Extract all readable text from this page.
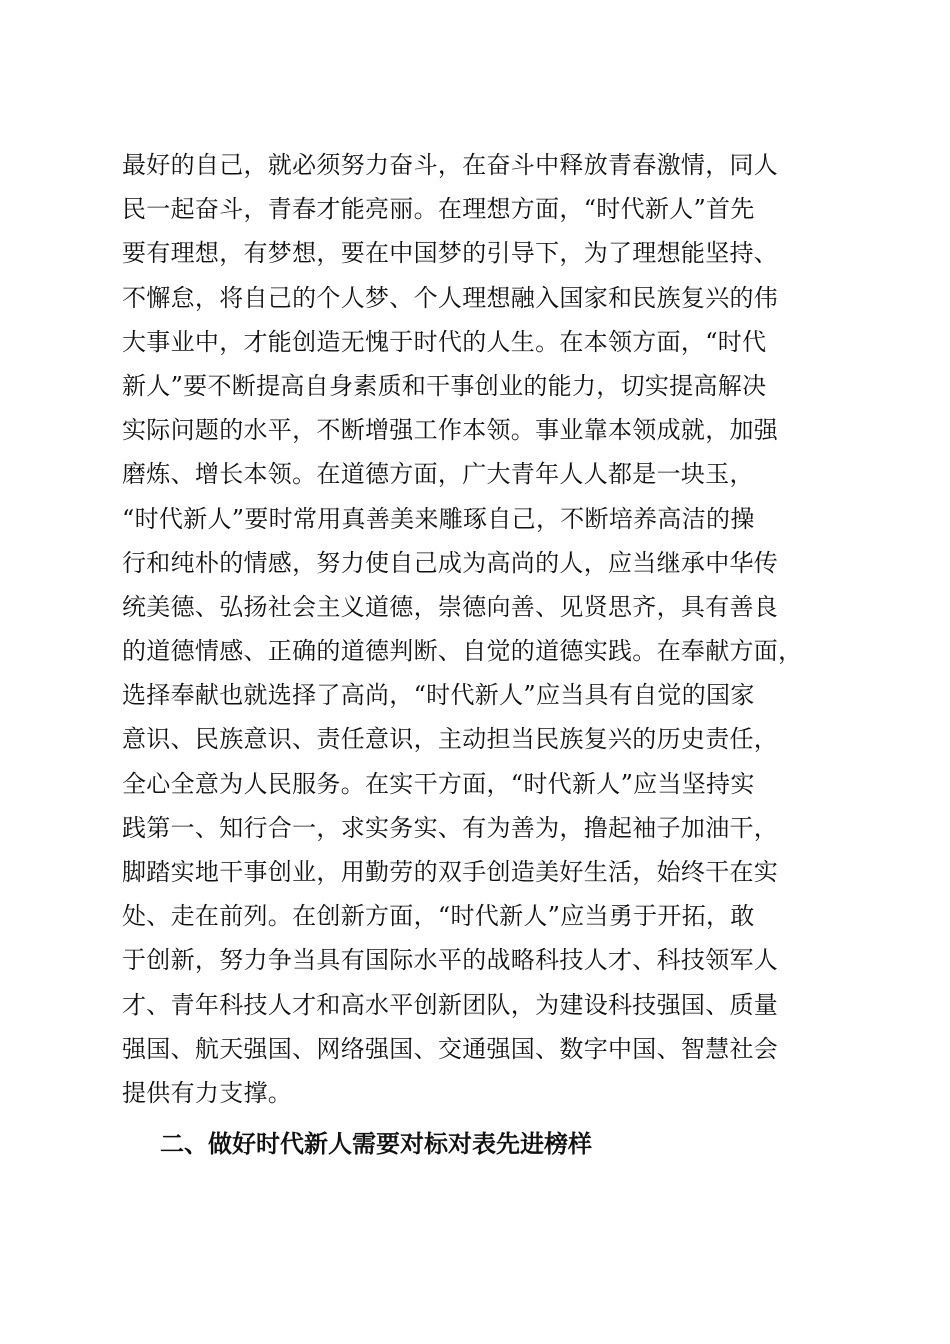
最好的自己，就必须努力奋斗，在奋斗中释放青春激情，同人
民一起奋斗，青春才能亮丽。在理想方面，“时代新人”首先
要有理想，有梦想，要在中国梦的引导下，为了理想能坚持、
不懈怠，将自己的个人梦、个人理想融入国家和民族复兴的伟
大事业中，才能创造无愧于时代的人生。在本领方面，“时代
新人”要不断提高自身素质和干事创业的能力，切实提高解决
实际问题的水平，不断增强工作本领。事业靠本领成就，加强
磨炼、增长本领。在道德方面，广大青年人人都是一块玉，
“时代新人”要时常用真善美来雕琢自己，不断培养高洁的操
行和纯朴的情感，努力使自己成为高尚的人，应当继承中华传
统美德、弘扬社会主义道德，崇德向善、见贤思齐，具有善良
的道德情感、正确的道德判断、自觉的道德实践。在奉献方面，
选择奉献也就选择了高尚，“时代新人”应当具有自觉的国家
意识、民族意识、责任意识，主动担当民族复兴的历史责任，
全心全意为人民服务。在实干方面，“时代新人”应当坚持实
践第一、知行合一，求实务实、有为善为，撸起袖子加油干，
脚踏实地干事创业，用勤劳的双手创造美好生活，始终干在实
处、走在前列。在创新方面，“时代新人”应当勇于开拓，敢
于创新，努力争当具有国际水平的战略科技人才、科技领军人
才、青年科技人才和高水平创新团队，为建设科技强国、质量
强国、航天强国、网络强国、交通强国、数字中国、智慧社会
提供有力支撑。
二、做好时代新人需要对标对表先进榜样
